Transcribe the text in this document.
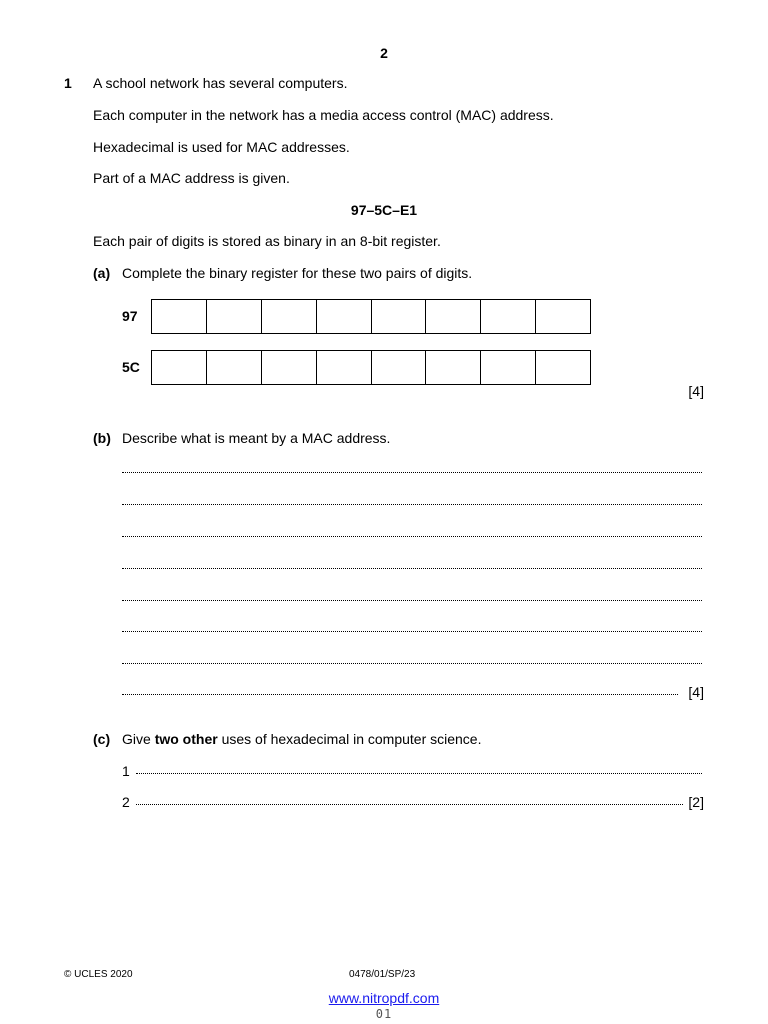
2
1 A school network has several computers.
Each computer in the network has a media access control (MAC) address.
Hexadecimal is used for MAC addresses.
Part of a MAC address is given.
97–5C–E1
Each pair of digits is stored as binary in an 8-bit register.
(a) Complete the binary register for these two pairs of digits.
97
5C
[4]
(b) Describe what is meant by a MAC address.
[4]
(c) Give two other uses of hexadecimal in computer science.
1
2	[2]
© UCLES 2020	0478/01/SP/23
www.nitropdf.com
01
